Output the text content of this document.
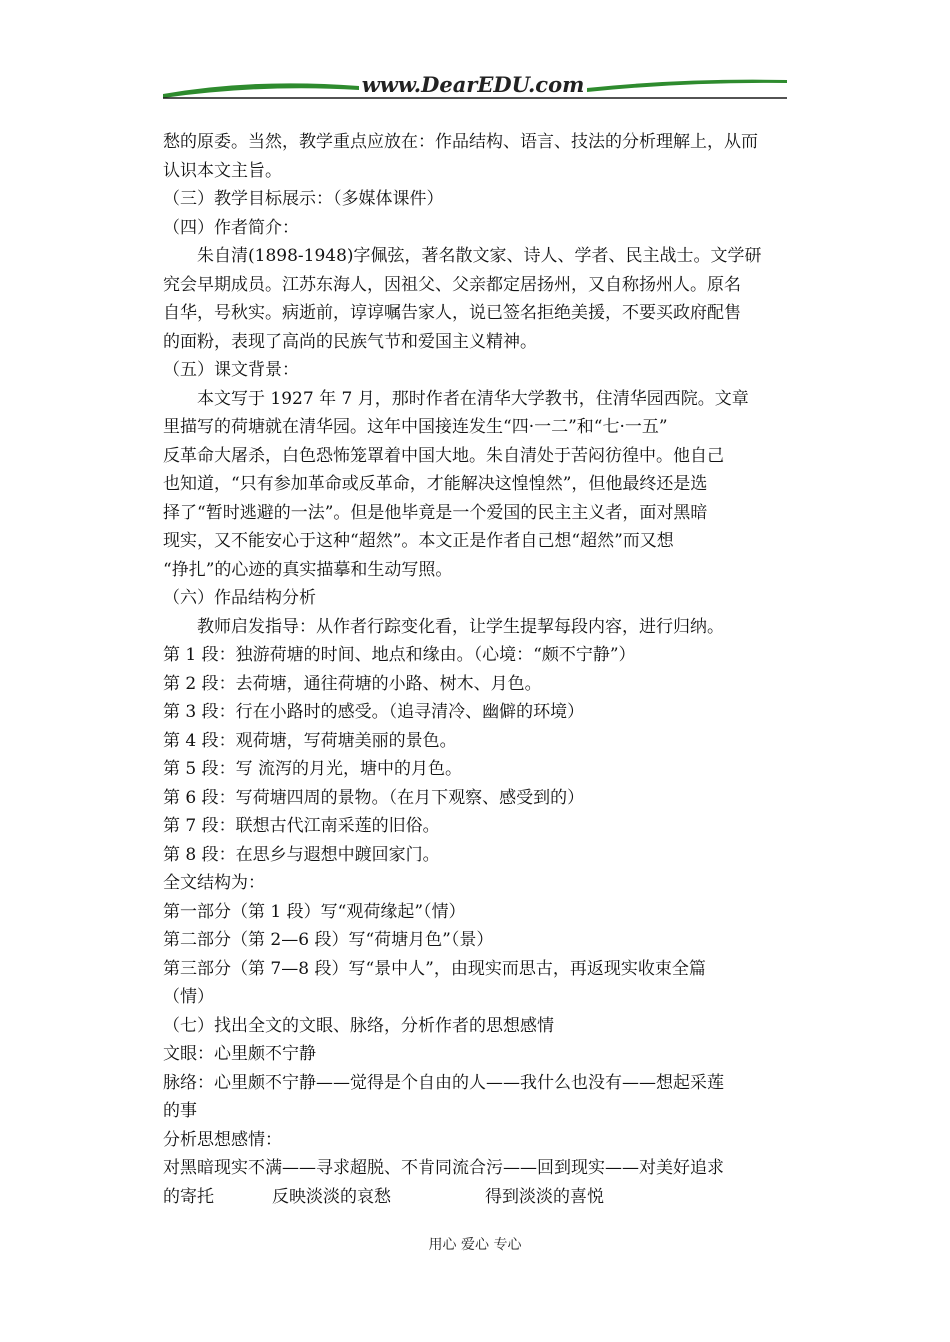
www.DearEDU.com

愁的原委。当然，教学重点应放在：作品结构、语言、技法的分析理解上，从而

认识本文主旨。

（三）教学目标展示：（多媒体课件）

（四）作者简介：

朱自清(1898-1948)字佩弦，著名散文家、诗人、学者、民主战士。文学研

究会早期成员。江苏东海人，因祖父、父亲都定居扬州，又自称扬州人。原名

自华，号秋实。病逝前，谆谆嘱告家人，说已签名拒绝美援，不要买政府配售

的面粉，表现了高尚的民族气节和爱国主义精神。

（五）课文背景：

本文写于 1927 年 7 月，那时作者在清华大学教书，住清华园西院。文章

里描写的荷塘就在清华园。这年中国接连发生“四·一二”和“七·一五”

反革命大屠杀，白色恐怖笼罩着中国大地。朱自清处于苦闷彷徨中。他自己

也知道，“只有参加革命或反革命，才能解决这惶惶然”，但他最终还是选

择了“暂时逃避的一法”。但是他毕竟是一个爱国的民主主义者，面对黑暗

现实，又不能安心于这种“超然”。本文正是作者自己想“超然”而又想

“挣扎”的心迹的真实描摹和生动写照。

（六）作品结构分析

教师启发指导：从作者行踪变化看，让学生提挈每段内容，进行归纳。

第 1 段：独游荷塘的时间、地点和缘由。（心境：“颇不宁静”）

第 2 段：去荷塘，通往荷塘的小路、树木、月色。

第 3 段：行在小路时的感受。（追寻清冷、幽僻的环境）

第 4 段：观荷塘，写荷塘美丽的景色。

第 5 段：写 流泻的月光，塘中的月色。

第 6 段：写荷塘四周的景物。（在月下观察、感受到的）

第 7 段：联想古代江南采莲的旧俗。

第 8 段：在思乡与遐想中踱回家门。

全文结构为：

第一部分（第 1 段）写“观荷缘起”（情）

第二部分（第 2—6 段）写“荷塘月色”（景）

第三部分（第 7—8 段）写“景中人”，由现实而思古，再返现实收束全篇

（情）

（七）找出全文的文眼、脉络，分析作者的思想感情

文眼：心里颇不宁静

脉络：心里颇不宁静——觉得是个自由的人——我什么也没有——想起采莲

的事

分析思想感情：

对黑暗现实不满——寻求超脱、不肯同流合污——回到现实——对美好追求

的寄托	反映淡淡的哀愁	得到淡淡的喜悦

用心 爱心 专心
